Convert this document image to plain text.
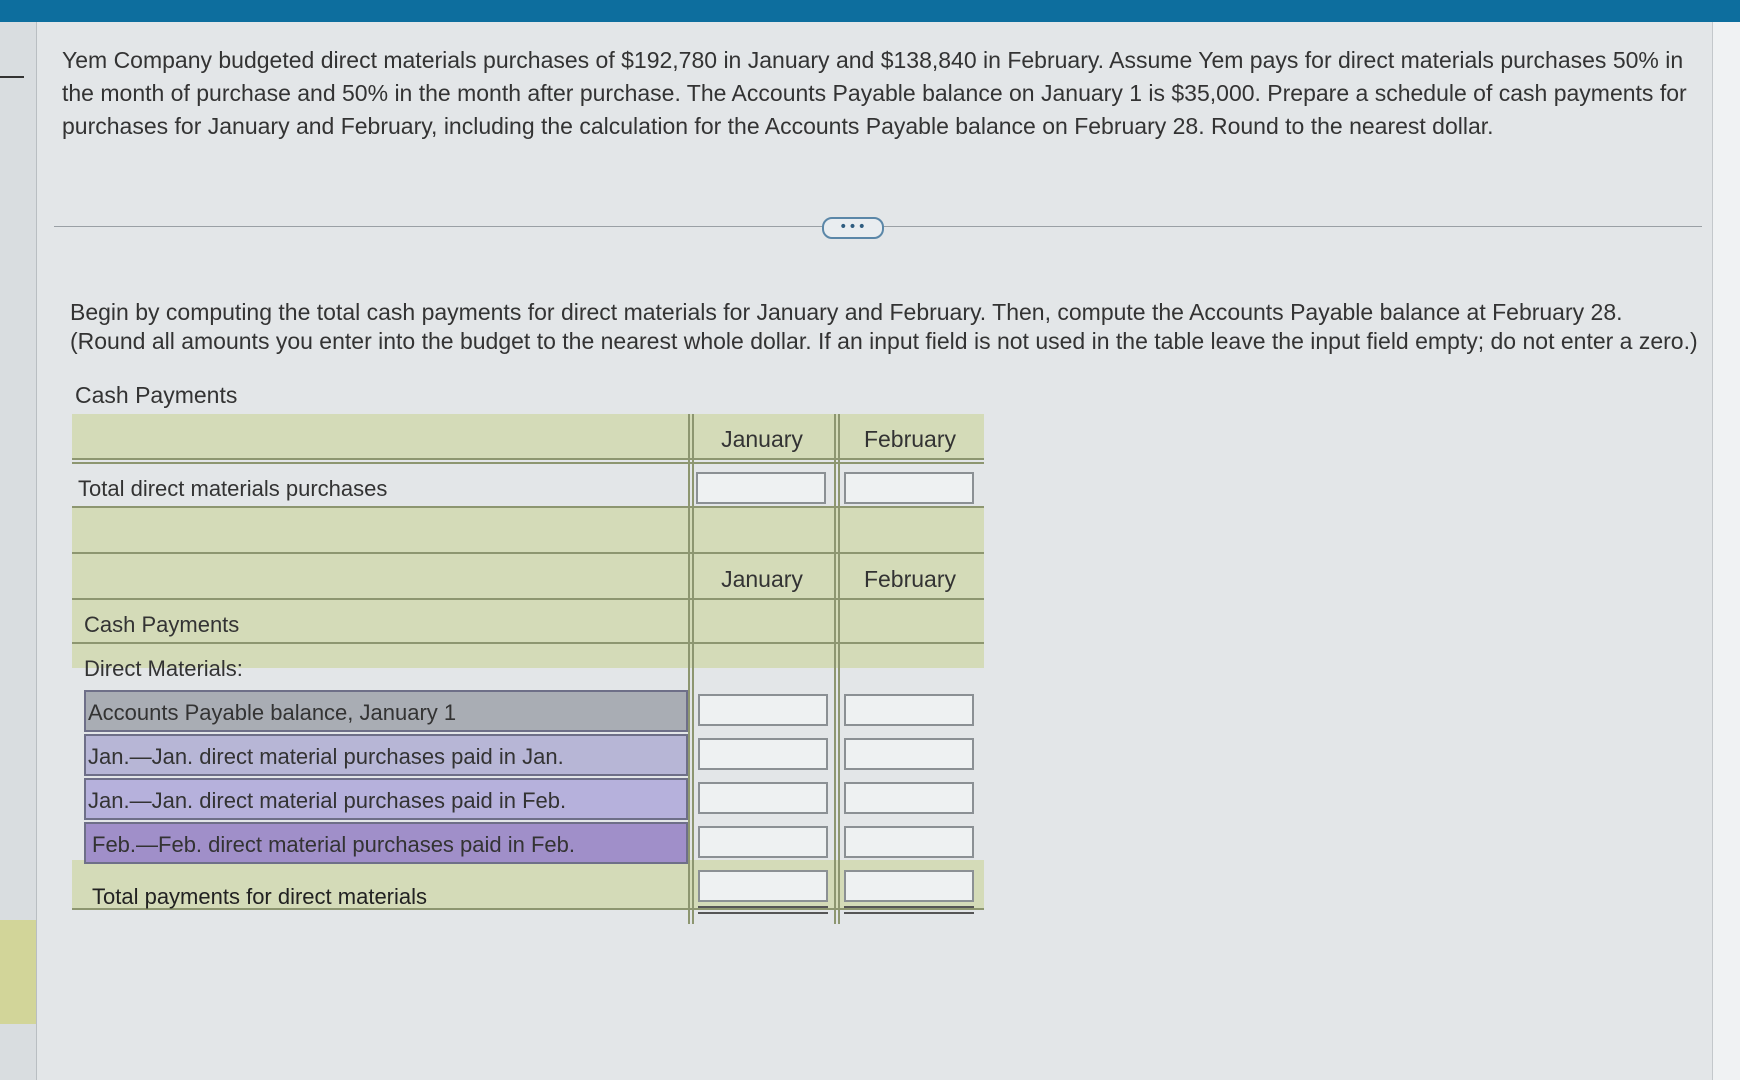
Yem Company budgeted direct materials purchases of $192,780 in January and $138,840 in February. Assume Yem pays for direct materials purchases 50% in the month of purchase and 50% in the month after purchase. The Accounts Payable balance on January 1 is $35,000. Prepare a schedule of cash payments for purchases for January and February, including the calculation for the Accounts Payable balance on February 28. Round to the nearest dollar.
•••
Begin by computing the total cash payments for direct materials for January and February. Then, compute the Accounts Payable balance at February 28.
(Round all amounts you enter into the budget to the nearest whole dollar. If an input field is not used in the table leave the input field empty; do not enter a zero.)
Cash Payments
January	February
Total direct materials purchases
January	February
Cash Payments
Direct Materials:
Accounts Payable balance, January 1
Jan.—Jan. direct material purchases paid in Jan.
Jan.—Jan. direct material purchases paid in Feb.
Feb.—Feb. direct material purchases paid in Feb.
Total payments for direct materials
